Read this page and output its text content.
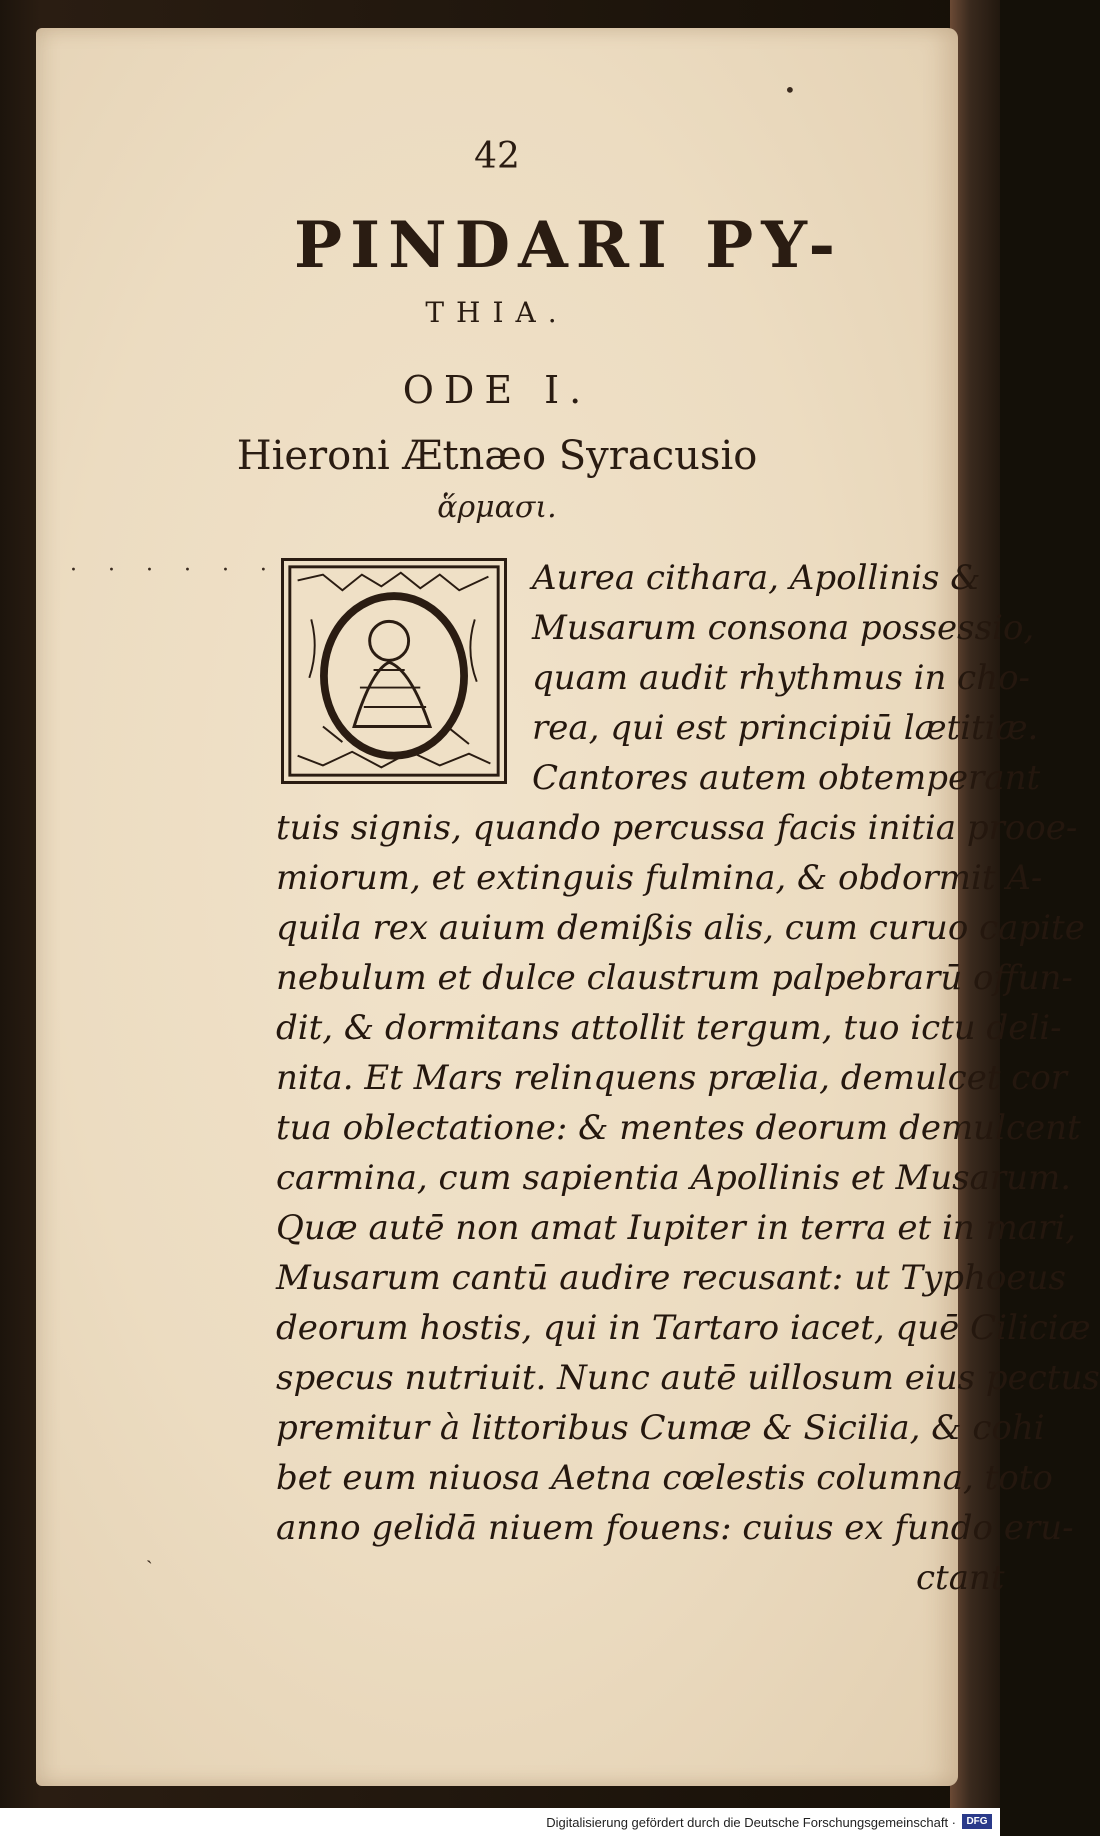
42
PINDARI PY-
THIA.
ODE I.
Hieroni Ætnæo Syracusio
ἅρμασι.
Aurea cithara, Apollinis &
Musarum consona possessio,
quam audit rhythmus in cho-
rea, qui est principiū lætitiæ.
Cantores autem obtemperant
tuis signis, quando percussa facis initia prooe-
miorum, et extinguis fulmina, & obdormit A-
quila rex auium demißis alis, cum curuo capite
nebulum et dulce claustrum palpebrarū offun-
dit, & dormitans attollit tergum, tuo ictu deli-
nita. Et Mars relinquens prælia, demulcet cor
tua oblectatione: & mentes deorum demulcent
carmina, cum sapientia Apollinis et Musarum.
Quæ autē non amat Iupiter in terra et in mari,
Musarum cantū audire recusant: ut Typhoeus
deorum hostis, qui in Tartaro iacet, quē Ciliciæ
specus nutriuit. Nunc autē uillosum eius pectus
premitur à littoribus Cumæ & Sicilia, & cohi
bet eum niuosa Aetna cœlestis columna, toto
anno gelidā niuem fouens: cuius ex fundo eru-
ctant
•
ˏ
· · · · · ·
Digitalisierung gefördert durch die Deutsche Forschungsgemeinschaft ·	DFG
